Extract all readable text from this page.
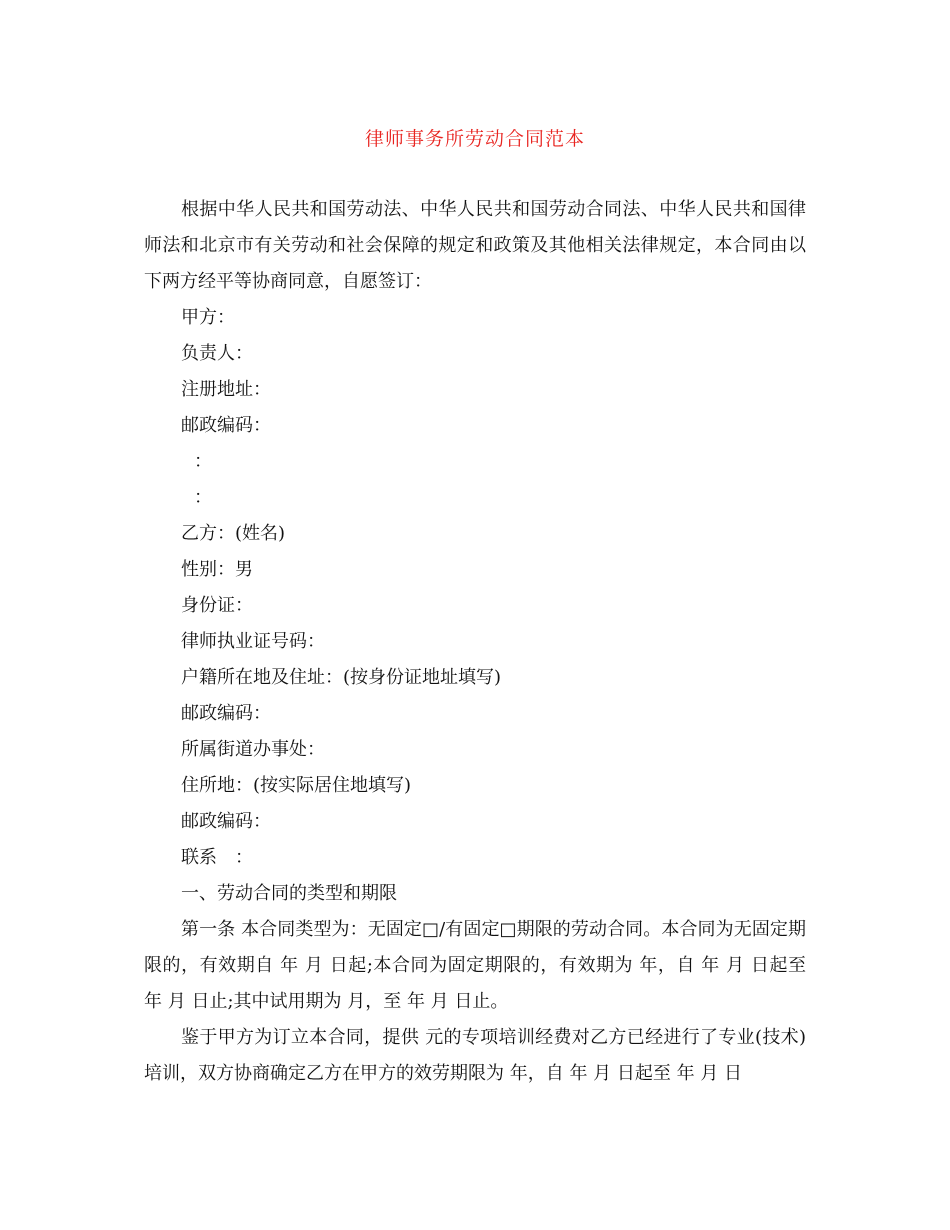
律师事务所劳动合同范本

根据中华人民共和国劳动法、中华人民共和国劳动合同法、中华人民共和国律师法和北京市有关劳动和社会保障的规定和政策及其他相关法律规定，本合同由以下两方经平等协商同意，自愿签订：

甲方：

负责人：

注册地址：

邮政编码：

：

：

乙方：(姓名)

性别：男

身份证：

律师执业证号码：

户籍所在地及住址：(按身份证地址填写)

邮政编码：

所属街道办事处：

住所地：(按实际居住地填写)

邮政编码：

联系　：

一、劳动合同的类型和期限

第一条 本合同类型为：无固定□/有固定□期限的劳动合同。本合同为无固定期限的，有效期自 年 月 日起;本合同为固定期限的，有效期为 年，自 年 月 日起至 年 月 日止;其中试用期为 月，至 年 月 日止。

鉴于甲方为订立本合同，提供 元的专项培训经费对乙方已经进行了专业(技术)培训，双方协商确定乙方在甲方的效劳期限为 年，自 年 月 日起至 年 月 日
